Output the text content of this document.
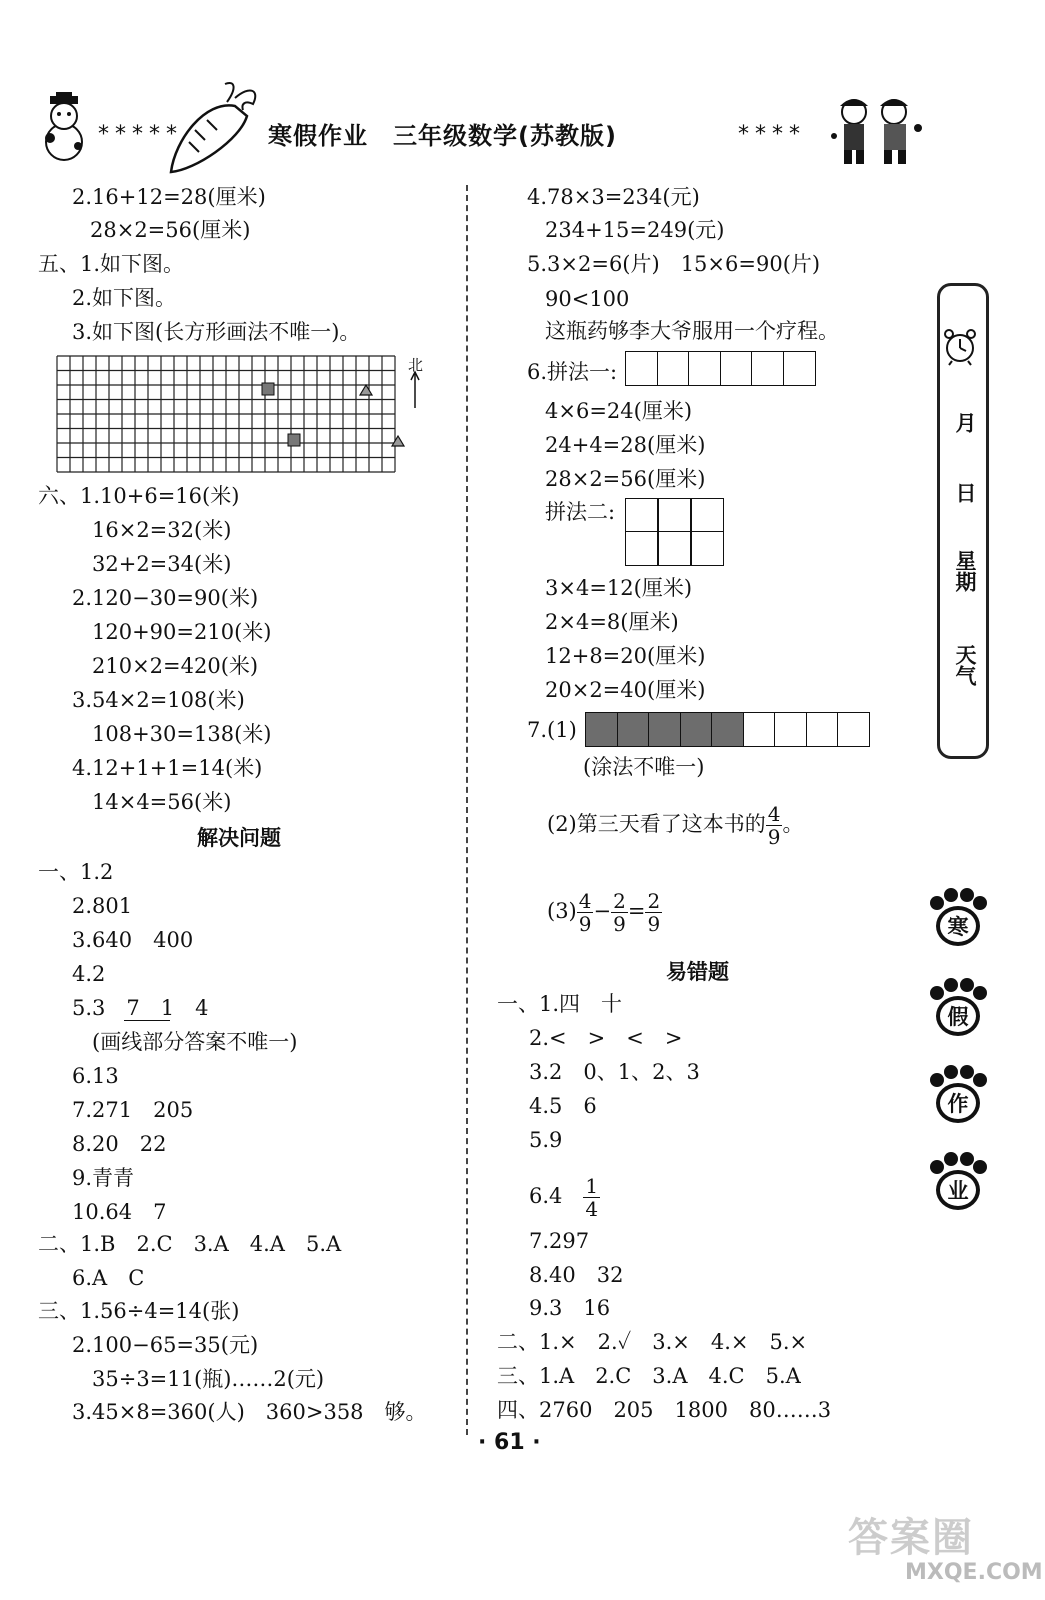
*****	寒假作业　三年级数学(苏教版)	****
2.16+12=28(厘米)
28×2=56(厘米)
五、1.如下图。
2.如下图。
3.如下图(长方形画法不唯一)。
北
六、1.10+6=16(米)
16×2=32(米)
32+2=34(米)
2.120−30=90(米)
120+90=210(米)
210×2=420(米)
3.54×2=108(米)
108+30=138(米)
4.12+1+1=14(米)
14×4=56(米)
解决问题
一、1.2
2.801
3.640　400
4.2
5.3　7　1　4
(画线部分答案不唯一)
6.13
7.271　205
8.20　22
9.青青
10.64　7
二、1.B　2.C　3.A　4.A　5.A
6.A　C
三、1.56÷4=14(张)
2.100−65=35(元)
35÷3=11(瓶)……2(元)
3.45×8=360(人)　360>358　够。
4.78×3=234(元)
234+15=249(元)
5.3×2=6(片)　15×6=90(片)
90<100
这瓶药够李大爷服用一个疗程。
6.拼法一:
4×6=24(厘米)
24+4=28(厘米)
28×2=56(厘米)
拼法二:
3×4=12(厘米)
2×4=8(厘米)
12+8=20(厘米)
20×2=40(厘米)
7.(1)
(涂法不唯一)
(2)第三天看了这本书的 $\frac{4}{9}$ 。
$(3) \frac{4}{9} - \frac{2}{9} = \frac{2}{9}$
易错题
一、1.四　十
2.<　>　<　>
3.2　0、1、2、3
4.5　6
5.9
6.4　 $\frac{1}{4}$
7.297
8.40　32
9.3　16
二、1.×　2.✓　3.×　4.×　5.×
三、1.A　2.C　3.A　4.C　5.A
四、2760　205　1800　80……3
月
日
星期
天气
寒
假
作
业
· 61 ·
答案圈
MXQE.COM
